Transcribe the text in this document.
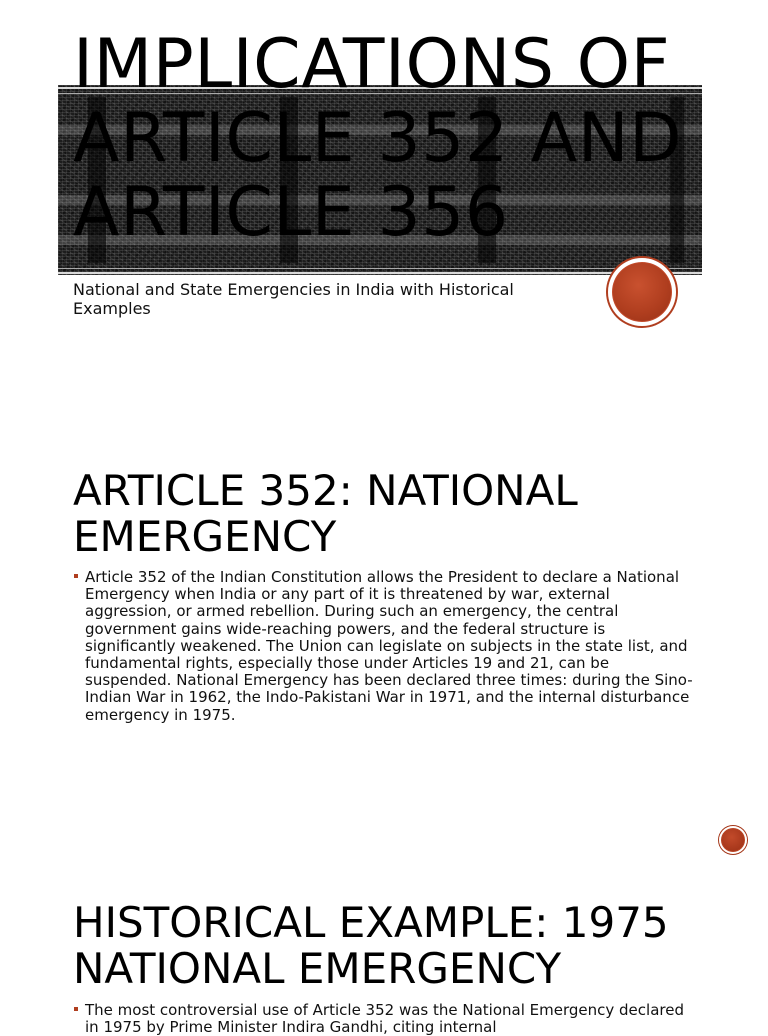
IMPLICATIONS OF ARTICLE 352 AND ARTICLE 356

National and State Emergencies in India with Historical Examples

ARTICLE 352: NATIONAL EMERGENCY
Article 352 of the Indian Constitution allows the President to declare a National Emergency when India or any part of it is threatened by war, external aggression, or armed rebellion. During such an emergency, the central government gains wide-reaching powers, and the federal structure is significantly weakened. The Union can legislate on subjects in the state list, and fundamental rights, especially those under Articles 19 and 21, can be suspended. National Emergency has been declared three times: during the Sino-Indian War in 1962, the Indo-Pakistani War in 1971, and the internal disturbance emergency in 1975.
HISTORICAL EXAMPLE: 1975 NATIONAL EMERGENCY
The most controversial use of Article 352 was the National Emergency declared in 1975 by Prime Minister Indira Gandhi, citing internal
